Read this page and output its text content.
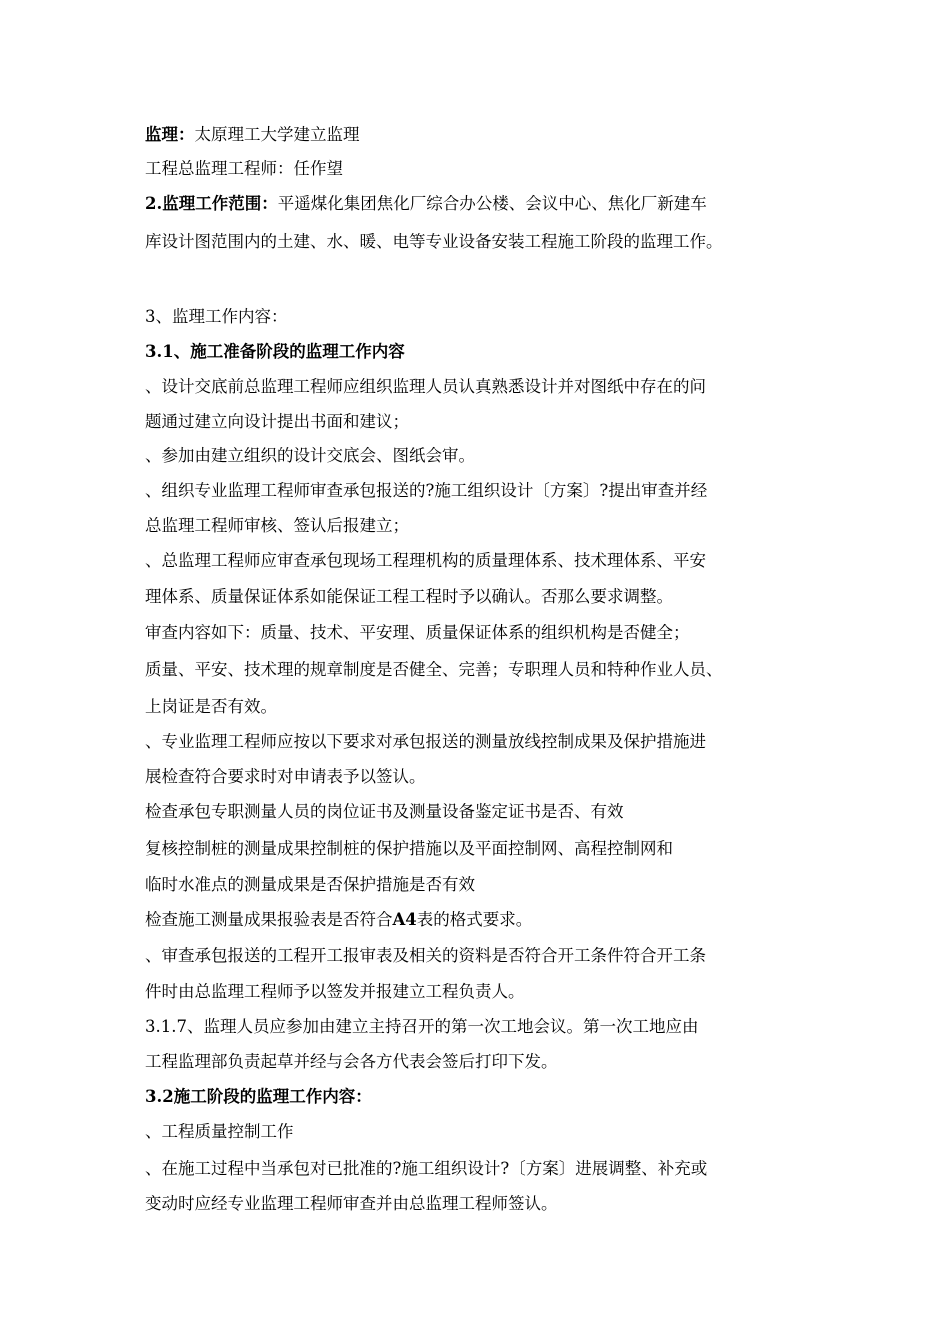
监理：太原理工大学建立监理

工程总监理工程师：任作望

2.监理工作范围：平遥煤化集团焦化厂综合办公楼、会议中心、焦化厂新建车

库设计图范围内的土建、水、暖、电等专业设备安装工程施工阶段的监理工作。

3、监理工作内容：

3.1、施工准备阶段的监理工作内容

、设计交底前总监理工程师应组织监理人员认真熟悉设计并对图纸中存在的问

题通过建立向设计提出书面和建议；

、参加由建立组织的设计交底会、图纸会审。

、组织专业监理工程师审查承包报送的?施工组织设计〔方案〕?提出审查并经

总监理工程师审核、签认后报建立；

、总监理工程师应审查承包现场工程理机构的质量理体系、技术理体系、平安

理体系、质量保证体系如能保证工程工程时予以确认。否那么要求调整。

审查内容如下：质量、技术、平安理、质量保证体系的组织机构是否健全；

质量、平安、技术理的规章制度是否健全、完善；专职理人员和特种作业人员、

上岗证是否有效。

、专业监理工程师应按以下要求对承包报送的测量放线控制成果及保护措施进

展检查符合要求时对申请表予以签认。

检查承包专职测量人员的岗位证书及测量设备鉴定证书是否、有效

复核控制桩的测量成果控制桩的保护措施以及平面控制网、高程控制网和

临时水准点的测量成果是否保护措施是否有效

检查施工测量成果报验表是否符合A4表的格式要求。

、审查承包报送的工程开工报审表及相关的资料是否符合开工条件符合开工条

件时由总监理工程师予以签发并报建立工程负责人。

3.1.7、监理人员应参加由建立主持召开的第一次工地会议。第一次工地应由

工程监理部负责起草并经与会各方代表会签后打印下发。

3.2施工阶段的监理工作内容：

、工程质量控制工作

、在施工过程中当承包对已批准的?施工组织设计?〔方案〕进展调整、补充或

变动时应经专业监理工程师审查并由总监理工程师签认。
